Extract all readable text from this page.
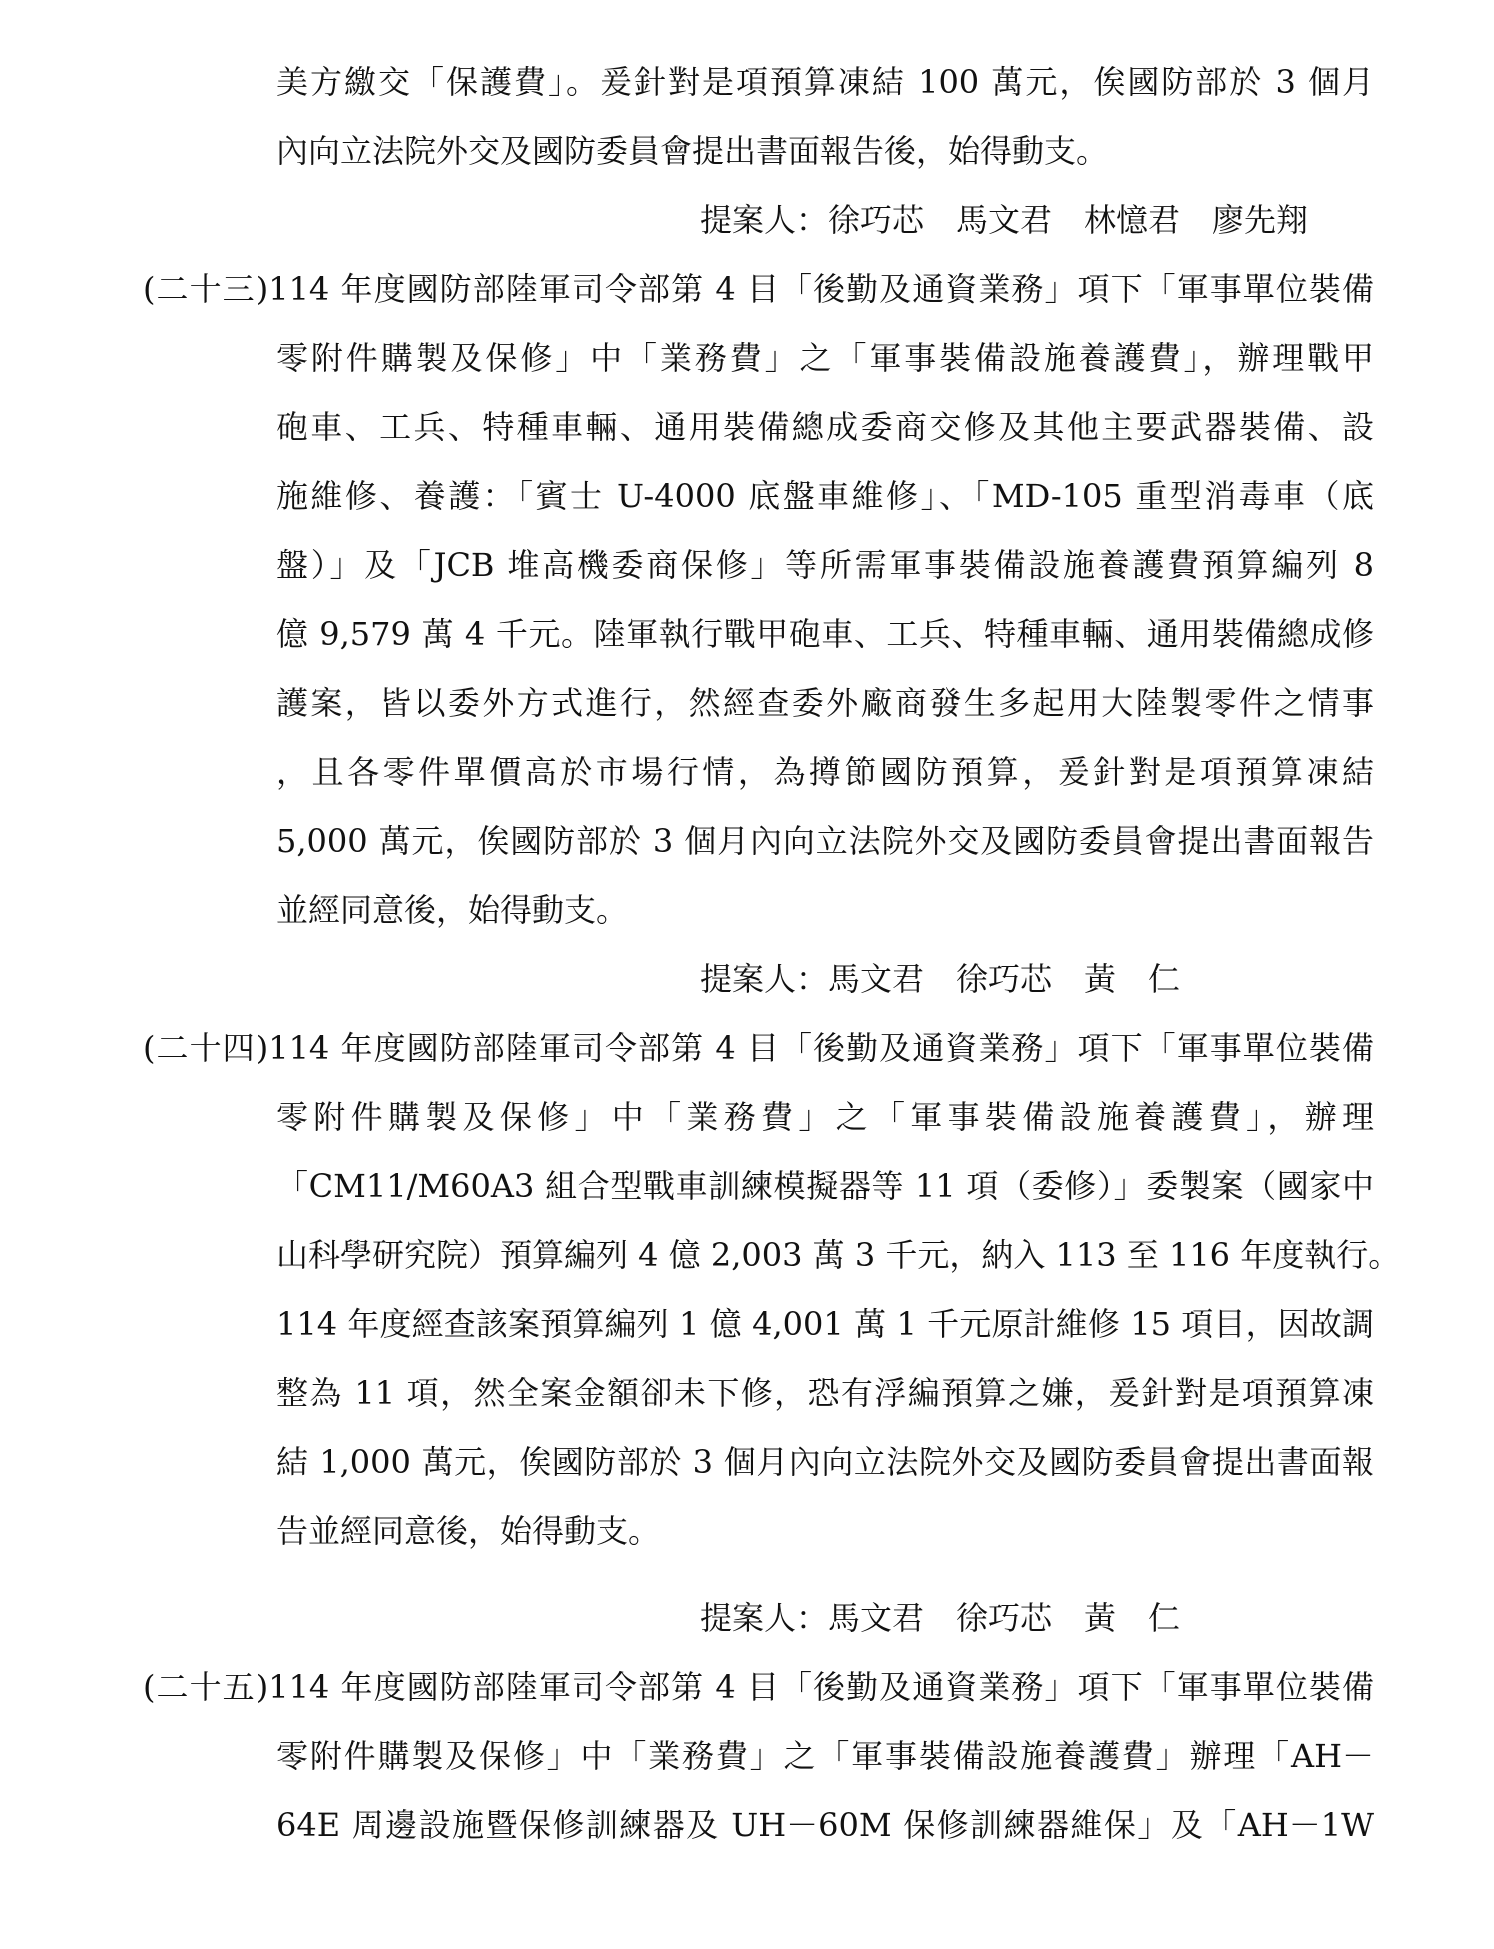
美方繳交「保護費」。爰針對是項預算凍結 100 萬元，俟國防部於 3 個月
內向立法院外交及國防委員會提出書面報告後，始得動支。
提案人：徐巧芯　馬文君　林憶君　廖先翔
(二十三)114 年度國防部陸軍司令部第 4 目「後勤及通資業務」項下「軍事單位裝備
零附件購製及保修」中「業務費」之「軍事裝備設施養護費」，辦理戰甲
砲車、工兵、特種車輛、通用裝備總成委商交修及其他主要武器裝備、設
施維修、養護：「賓士 U-4000 底盤車維修」、「MD-105 重型消毒車（底
盤）」及「JCB 堆高機委商保修」等所需軍事裝備設施養護費預算編列 8
億 9,579 萬 4 千元。陸軍執行戰甲砲車、工兵、特種車輛、通用裝備總成修
護案，皆以委外方式進行，然經查委外廠商發生多起用大陸製零件之情事
，且各零件單價高於市場行情，為撙節國防預算，爰針對是項預算凍結
5,000 萬元，俟國防部於 3 個月內向立法院外交及國防委員會提出書面報告
並經同意後，始得動支。
提案人：馬文君　徐巧芯　黃　仁
(二十四)114 年度國防部陸軍司令部第 4 目「後勤及通資業務」項下「軍事單位裝備
零附件購製及保修」中「業務費」之「軍事裝備設施養護費」，辦理
「CM11/M60A3 組合型戰車訓練模擬器等 11 項（委修）」委製案（國家中
山科學研究院）預算編列 4 億 2,003 萬 3 千元，納入 113 至 116 年度執行。
114 年度經查該案預算編列 1 億 4,001 萬 1 千元原計維修 15 項目，因故調
整為 11 項，然全案金額卻未下修，恐有浮編預算之嫌，爰針對是項預算凍
結 1,000 萬元，俟國防部於 3 個月內向立法院外交及國防委員會提出書面報
告並經同意後，始得動支。
提案人：馬文君　徐巧芯　黃　仁
(二十五)114 年度國防部陸軍司令部第 4 目「後勤及通資業務」項下「軍事單位裝備
零附件購製及保修」中「業務費」之「軍事裝備設施養護費」辦理「AH－
64E 周邊設施暨保修訓練器及 UH－60M 保修訓練器維保」及「AH－1W
